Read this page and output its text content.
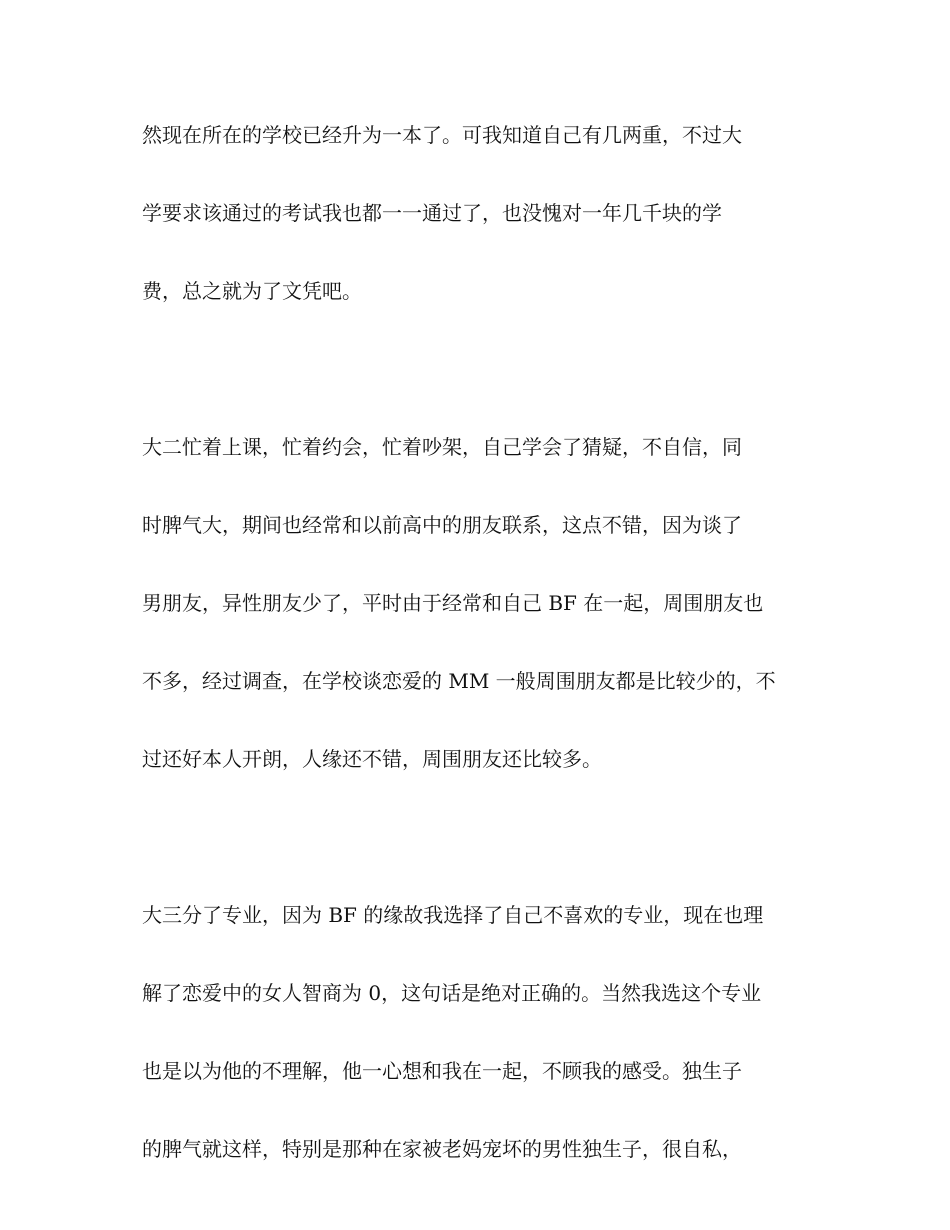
然现在所在的学校已经升为一本了。可我知道自己有几两重，不过大

学要求该通过的考试我也都一一通过了，也没愧对一年几千块的学

费，总之就为了文凭吧。

大二忙着上课，忙着约会，忙着吵架，自己学会了猜疑，不自信，同

时脾气大，期间也经常和以前高中的朋友联系，这点不错，因为谈了

男朋友，异性朋友少了，平时由于经常和自己 BF 在一起，周围朋友也

不多，经过调查，在学校谈恋爱的 MM 一般周围朋友都是比较少的，不

过还好本人开朗，人缘还不错，周围朋友还比较多。

大三分了专业，因为 BF 的缘故我选择了自己不喜欢的专业，现在也理

解了恋爱中的女人智商为 0，这句话是绝对正确的。当然我选这个专业

也是以为他的不理解，他一心想和我在一起，不顾我的感受。独生子

的脾气就这样，特别是那种在家被老妈宠坏的男性独生子，很自私，
